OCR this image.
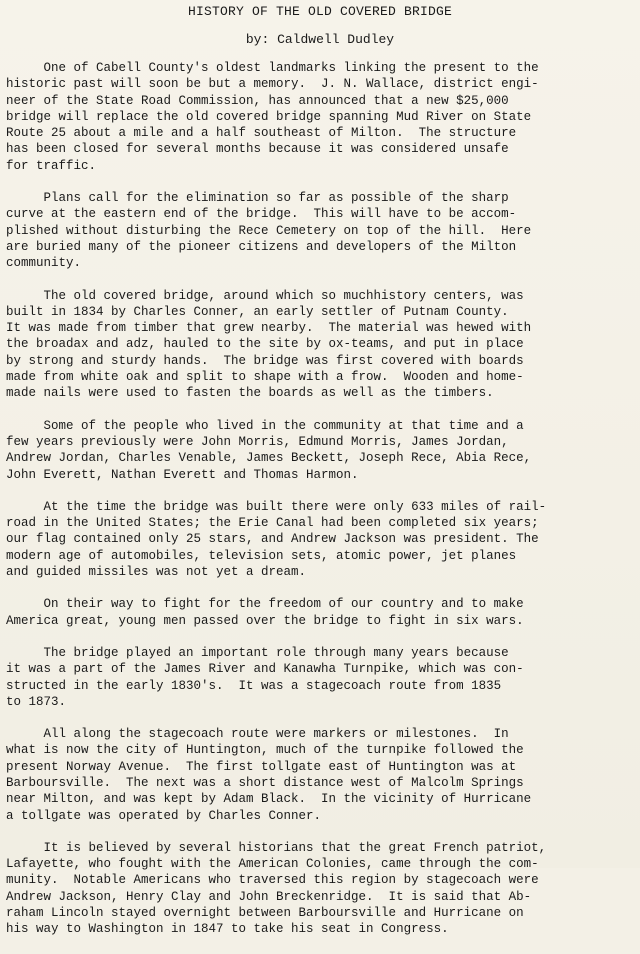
HISTORY OF THE OLD COVERED BRIDGE
by: Caldwell Dudley
One of Cabell County's oldest landmarks linking the present to the
historic past will soon be but a memory.  J. N. Wallace, district engi-
neer of the State Road Commission, has announced that a new $25,000
bridge will replace the old covered bridge spanning Mud River on State
Route 25 about a mile and a half southeast of Milton.  The structure
has been closed for several months because it was considered unsafe
for traffic.
Plans call for the elimination so far as possible of the sharp
curve at the eastern end of the bridge.  This will have to be accom-
plished without disturbing the Rece Cemetery on top of the hill.  Here
are buried many of the pioneer citizens and developers of the Milton
community.
The old covered bridge, around which so muchhistory centers, was
built in 1834 by Charles Conner, an early settler of Putnam County.
It was made from timber that grew nearby.  The material was hewed with
the broadax and adz, hauled to the site by ox-teams, and put in place
by strong and sturdy hands.  The bridge was first covered with boards
made from white oak and split to shape with a frow.  Wooden and home-
made nails were used to fasten the boards as well as the timbers.
Some of the people who lived in the community at that time and a
few years previously were John Morris, Edmund Morris, James Jordan,
Andrew Jordan, Charles Venable, James Beckett, Joseph Rece, Abia Rece,
John Everett, Nathan Everett and Thomas Harmon.
At the time the bridge was built there were only 633 miles of rail-
road in the United States; the Erie Canal had been completed six years;
our flag contained only 25 stars, and Andrew Jackson was president. The
modern age of automobiles, television sets, atomic power, jet planes
and guided missiles was not yet a dream.
On their way to fight for the freedom of our country and to make
America great, young men passed over the bridge to fight in six wars.
The bridge played an important role through many years because
it was a part of the James River and Kanawha Turnpike, which was con-
structed in the early 1830's.  It was a stagecoach route from 1835
to 1873.
All along the stagecoach route were markers or milestones.  In
what is now the city of Huntington, much of the turnpike followed the
present Norway Avenue.  The first tollgate east of Huntington was at
Barboursville.  The next was a short distance west of Malcolm Springs
near Milton, and was kept by Adam Black.  In the vicinity of Hurricane
a tollgate was operated by Charles Conner.
It is believed by several historians that the great French patriot,
Lafayette, who fought with the American Colonies, came through the com-
munity.  Notable Americans who traversed this region by stagecoach were
Andrew Jackson, Henry Clay and John Breckenridge.  It is said that Ab-
raham Lincoln stayed overnight between Barboursville and Hurricane on
his way to Washington in 1847 to take his seat in Congress.
